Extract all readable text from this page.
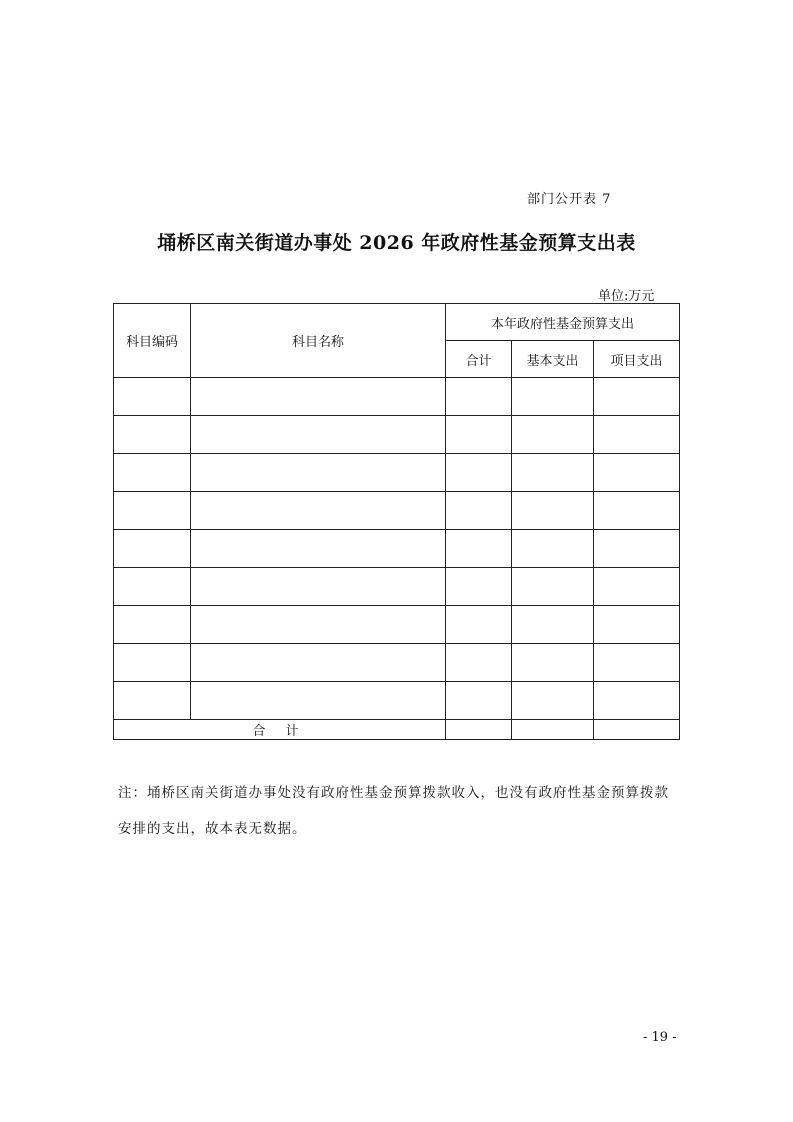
部门公开表 7
埇桥区南关街道办事处 2026 年政府性基金预算支出表
单位:万元
科目编码	科目名称	本年政府性基金预算支出		
		合计	基本支出	项目支出

合 计				
注：埇桥区南关街道办事处没有政府性基金预算拨款收入，也没有政府性基金预算拨款安排的支出，故本表无数据。
- 19 -
